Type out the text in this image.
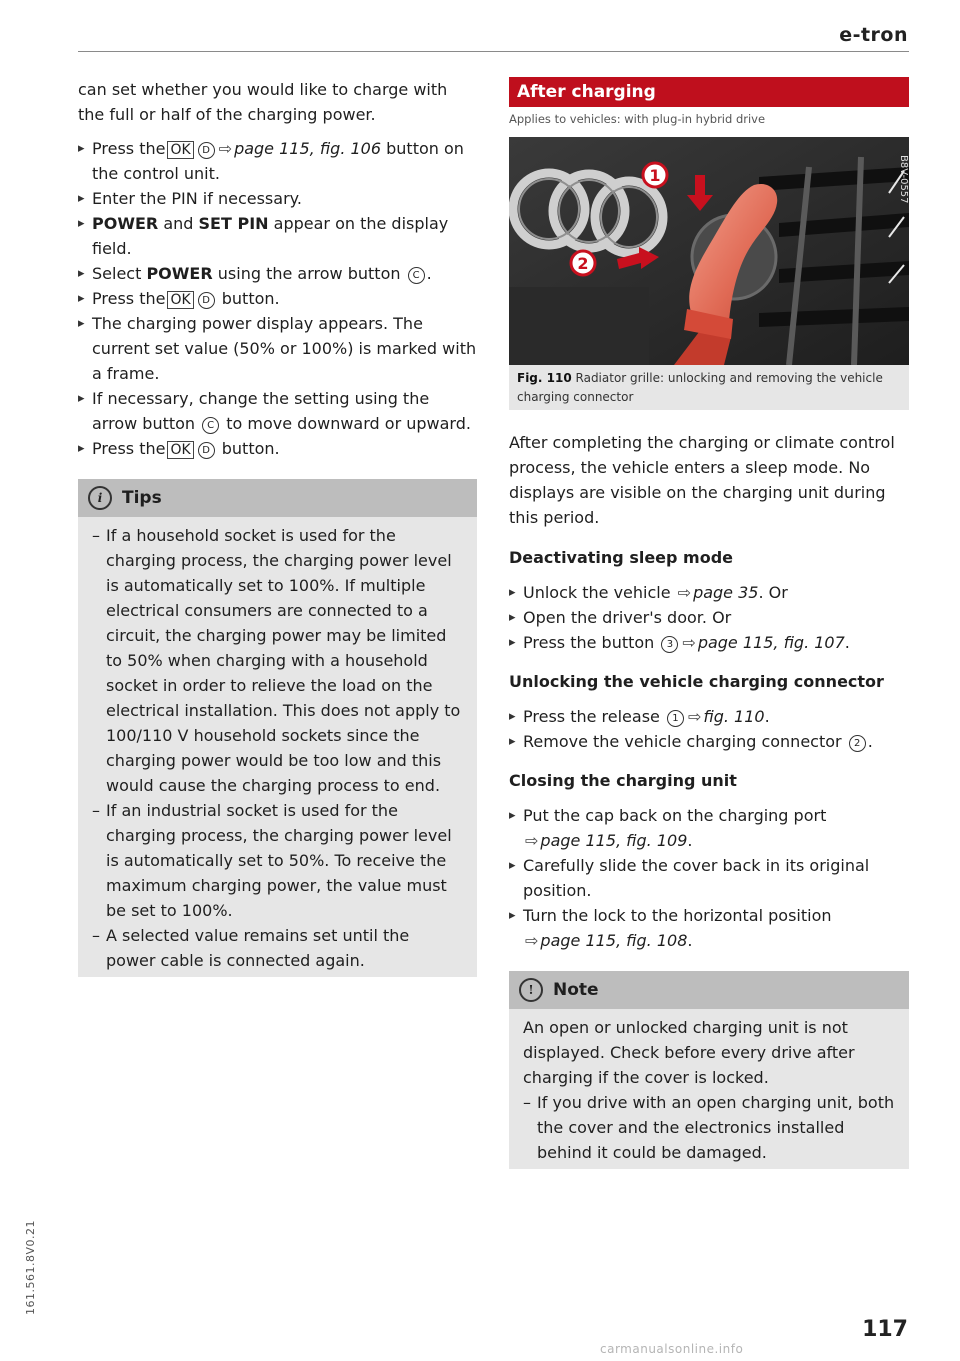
e-tron

can set whether you would like to charge with the full or half of the charging power.

▸ Press the OK D ⇨ page 115, fig. 106 button on the control unit.

▸ Enter the PIN if necessary.

▸ POWER and SET PIN appear on the display field.

▸ Select POWER using the arrow button C .

▸ Press the OK D button.

▸ The charging power display appears. The current set value (50% or 100%) is marked with a frame.

▸ If necessary, change the setting using the arrow button C to move downward or upward.

▸ Press the OK D button.

i	Tips

– If a household socket is used for the charging process, the charging power level is automatically set to 100%. If multiple electrical consumers are connected to a circuit, the charging power may be limited to 50% when charging with a household socket in order to relieve the load on the electrical installation. This does not apply to 100/110 V household sockets since the charging power would be too low and this would cause the charging process to end.

– If an industrial socket is used for the charging process, the charging power level is automatically set to 50%. To receive the maximum charging power, the value must be set to 100%.

– A selected value remains set until the power cable is connected again.

After charging
Applies to vehicles: with plug-in hybrid drive
1
2
B8V-0557
Fig. 110 Radiator grille: unlocking and removing the vehicle charging connector

After completing the charging or climate control process, the vehicle enters a sleep mode. No displays are visible on the charging unit during this period.

Deactivating sleep mode

▸ Unlock the vehicle ⇨ page 35. Or

▸ Open the driver's door. Or

▸ Press the button 3 ⇨ page 115, fig. 107.

Unlocking the vehicle charging connector

▸ Press the release 1 ⇨ fig. 110.

▸ Remove the vehicle charging connector 2 .

Closing the charging unit

▸ Put the cap back on the charging port
⇨ page 115, fig. 109.

▸ Carefully slide the cover back in its original position.

▸ Turn the lock to the horizontal position
⇨ page 115, fig. 108.

!	Note

An open or unlocked charging unit is not displayed. Check before every drive after charging if the cover is locked.

– If you drive with an open charging unit, both the cover and the electronics installed behind it could be damaged.

161.561.8V0.21
117
carmanualsonline.info
